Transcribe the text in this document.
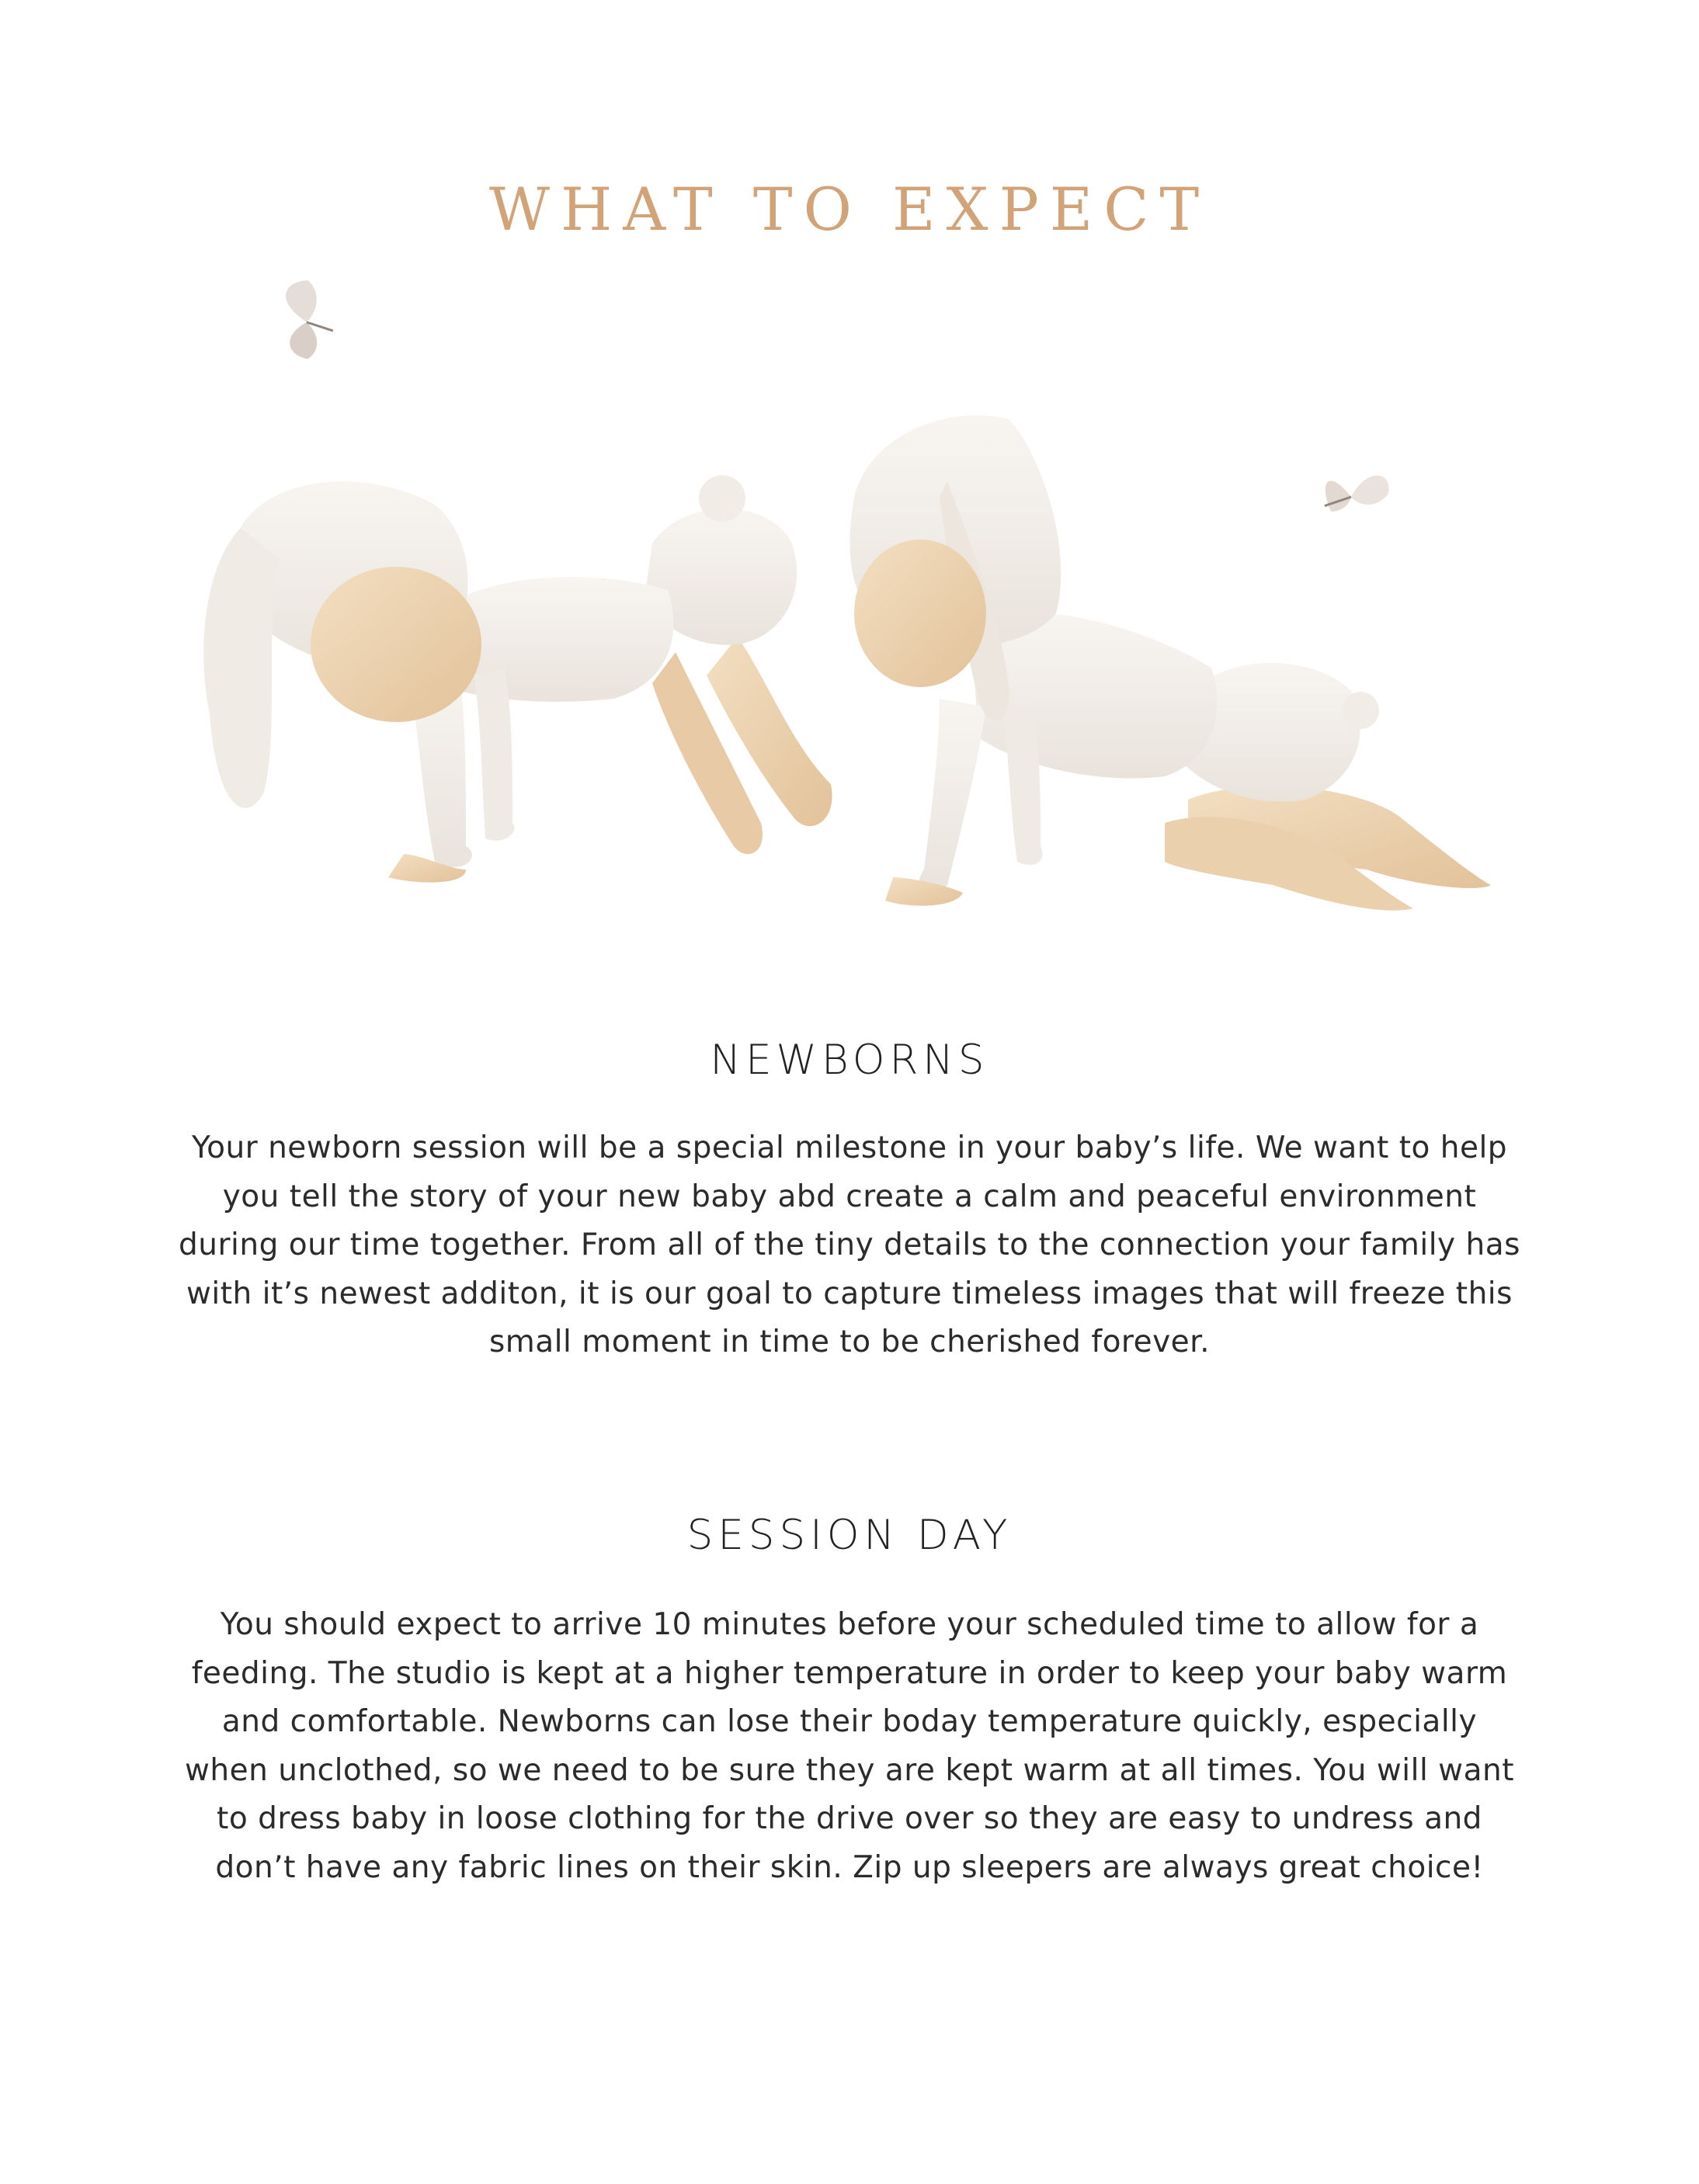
WHAT TO EXPECT
NEWBORNS

Your newborn session will be a special milestone in your baby’s life. We want to help
you tell the story of your new baby abd create a calm and peaceful environment
during our time together. From all of the tiny details to the connection your family has
with it’s newest additon, it is our goal to capture timeless images that will freeze this
small moment in time to be cherished forever.

SESSION DAY

You should expect to arrive 10 minutes before your scheduled time to allow for a
feeding. The studio is kept at a higher temperature in order to keep your baby warm
and comfortable. Newborns can lose their boday temperature quickly, especially
when unclothed, so we need to be sure they are kept warm at all times. You will want
to dress baby in loose clothing for the drive over so they are easy to undress and
don’t have any fabric lines on their skin. Zip up sleepers are always great choice!
